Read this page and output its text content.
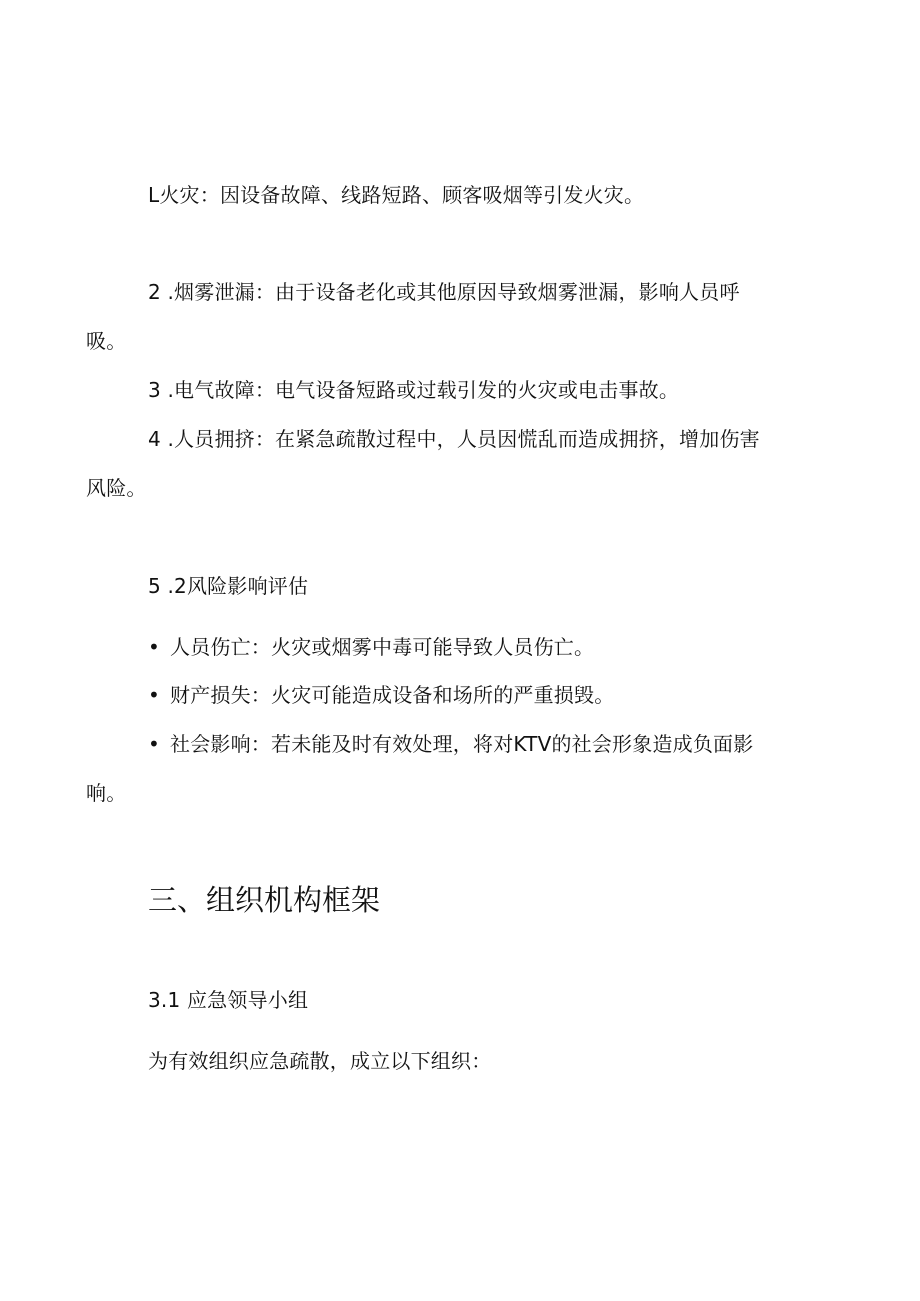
L火灾：因设备故障、线路短路、顾客吸烟等引发火灾。

2 .烟雾泄漏：由于设备老化或其他原因导致烟雾泄漏，影响人员呼

吸。

3 .电气故障：电气设备短路或过载引发的火灾或电击事故。

4 .人员拥挤：在紧急疏散过程中，人员因慌乱而造成拥挤，增加伤害

风险。

5 .2风险影响评估

• 人员伤亡：火灾或烟雾中毒可能导致人员伤亡。

• 财产损失：火灾可能造成设备和场所的严重损毁。

• 社会影响：若未能及时有效处理，将对KTV的社会形象造成负面影

响。

三、组织机构框架

3.1 应急领导小组

为有效组织应急疏散，成立以下组织：
